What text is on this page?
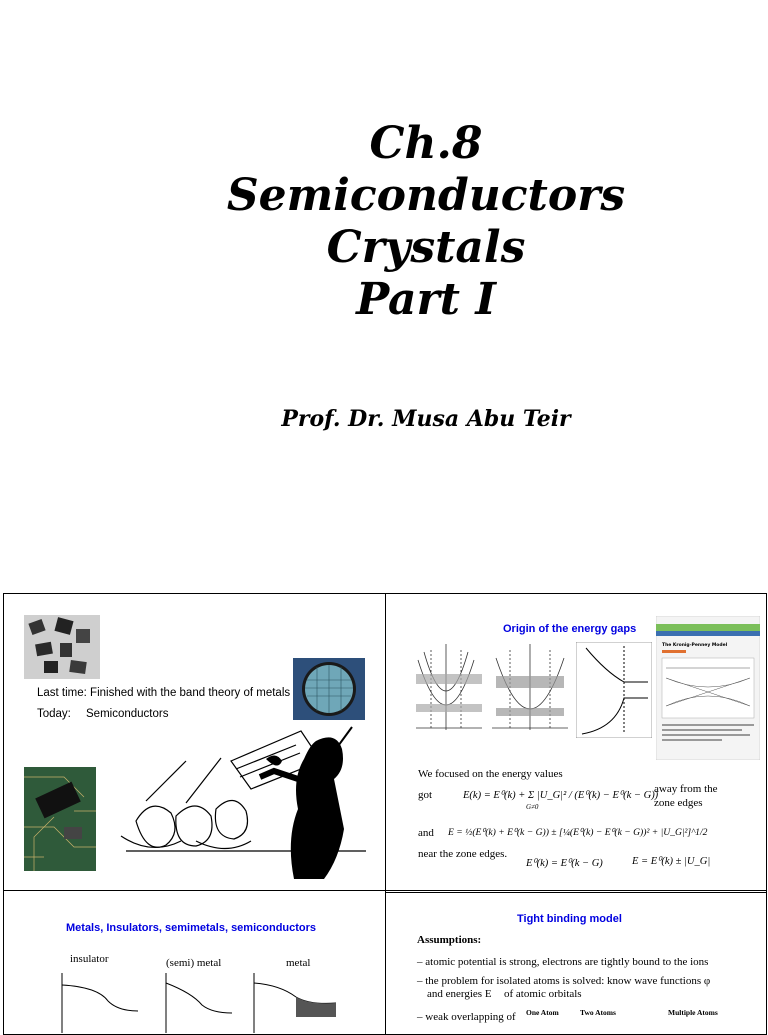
Ch.8

Semiconductors

Crystals

Part I

Prof. Dr. Musa Abu Teir
Last time: Finished with the band theory of metals
Today: Semiconductors
Origin of the energy gaps
The Kronig-Penney Model
We focused on the energy values
got	E(k) = E⁰(k) + Σ |U_G|² / (E⁰(k) − E⁰(k − G))
G≠0
away from the
zone edges
and E = ½(E⁰(k) + E⁰(k − G)) ± [¼(E⁰(k) − E⁰(k − G))² + |U_G|²]^1/2
near the zone edges.
E⁰(k) = E⁰(k − G)	E = E⁰(k) ± |U_G|
Metals, Insulators, semimetals, semiconductors
insulator	(semi) metal	metal
Tight binding model
Assumptions:
– atomic potential is strong, electrons are tightly bound to the ions
– the problem for isolated atoms is solved: know wave functions φ
and energies E of atomic orbitals
– weak overlapping of One Atom	Two Atoms	Multiple Atoms
